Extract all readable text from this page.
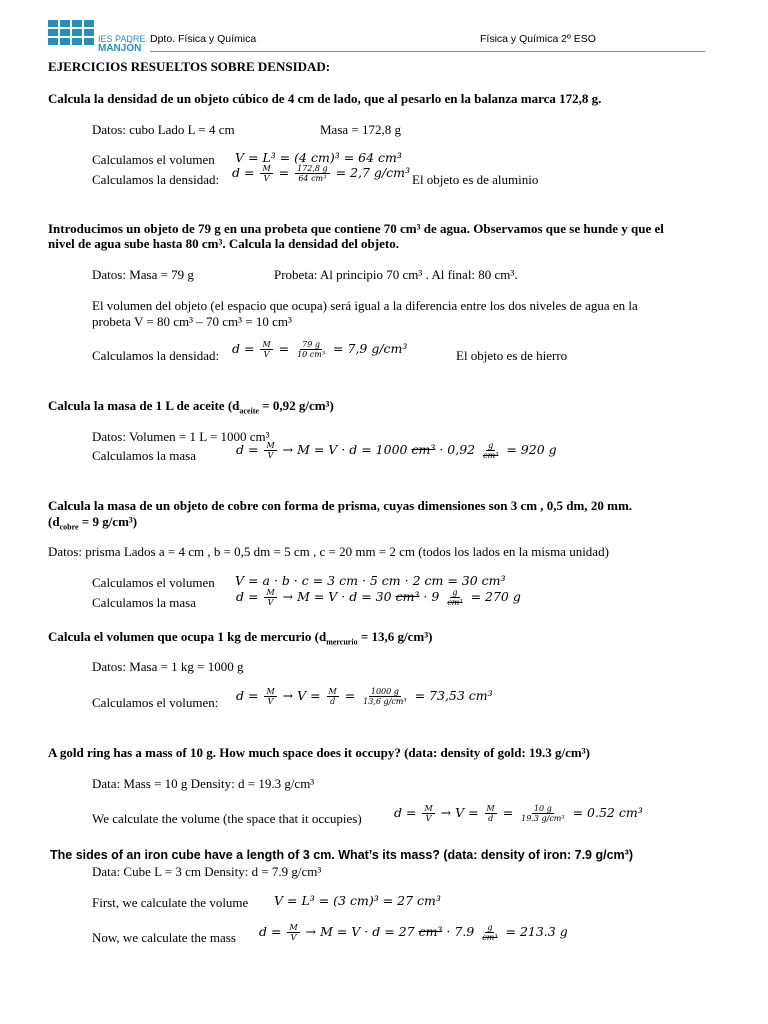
IES PADRE
MANJÓN
Dpto. Física y Química	Física y Química 2º ESO
EJERCICIOS RESUELTOS SOBRE DENSIDAD:
Calcula la densidad de un objeto cúbico de 4 cm de lado, que al pesarlo en la balanza marca 172,8 g.
Datos: cubo Lado L = 4 cm	Masa = 172,8 g
Calculamos el volumen V = L³ = (4 cm)³ = 64 cm³
Calculamos la densidad: $d = \frac{M}{V} = \frac{172,8 g}{\text{64 cm³}} = 2,7$ g/cm³ El objeto es de aluminio
Introducimos un objeto de 79 g en una probeta que contiene 70 cm³ de agua. Observamos que se hunde y que el
nivel de agua sube hasta 80 cm³. Calcula la densidad del objeto.
Datos: Masa = 79 g	Probeta: Al principio 70 cm³ . Al final: 80 cm³.
El volumen del objeto (el espacio que ocupa) será igual a la diferencia entre los dos niveles de agua en la
probeta V = 80 cm³ – 70 cm³ = 10 cm³
Calculamos la densidad: $d = \frac{M}{V} = \frac{79 g}{\text{10 cm³}} = 7,9$ g/cm³	El objeto es de hierro
Calcula la masa de 1 L de aceite ($d_{aceite} = 0,92$ g/cm³)
Datos: Volumen = 1 L = 1000 cm³
Calculamos la masa	$d = \frac{M}{V} \to M = V \cdot d = 1000$ $cm^3 \cdot 0,92 \frac{g}{\text{cm³}} = 920$ g
Calcula la masa de un objeto de cobre con forma de prisma, cuyas dimensiones son 3 cm , 0,5 dm, 20 mm.
($d_{cobre} = 9$ g/cm³)
Datos: prisma Lados a = 4 cm , b = 0,5 dm = 5 cm , c = 20 mm = 2 cm (todos los lados en la misma unidad)
Calculamos el volumen V = a · b · c = 3 cm · 5 cm · 2 cm = 30 cm³
Calculamos la masa	$d = \frac{M}{V} \to M = V \cdot d = 30$ $cm^3 \cdot 9 \frac{g}{\text{cm³}} = 270$ g
Calcula el volumen que ocupa 1 kg de mercurio ($d_{mercurio} = 13,6$ g/cm³)
Datos: Masa = 1 kg = 1000 g
Calculamos el volumen: $d = \frac{M}{V} \to V = \frac{M}{d} = \frac{1000 g}{\text{13,6 g/cm³}} = 73,53$ cm³
A gold ring has a mass of 10 g. How much space does it occupy? (data: density of gold: 19.3 g/cm³)
Data: Mass = 10 g Density: d = 19.3 g/cm³
We calculate the volume (the space that it occupies)	$d = \frac{M}{V} \to V = \frac{M}{d} = \frac{10 g}{\text{19.3 g/cm³}} = 0.52$ cm³
The sides of an iron cube have a length of 3 cm. What’s its mass? (data: density of iron: 7.9 g/cm³)
Data: Cube L = 3 cm Density: d = 7.9 g/cm³
First, we calculate the volume V = L³ = (3 cm)³ = 27 cm³
Now, we calculate the mass $d = \frac{M}{V} \to M = V \cdot d = 27$ $cm^3 \cdot 7.9 \frac{g}{\text{cm³}} = 213.3$ g
